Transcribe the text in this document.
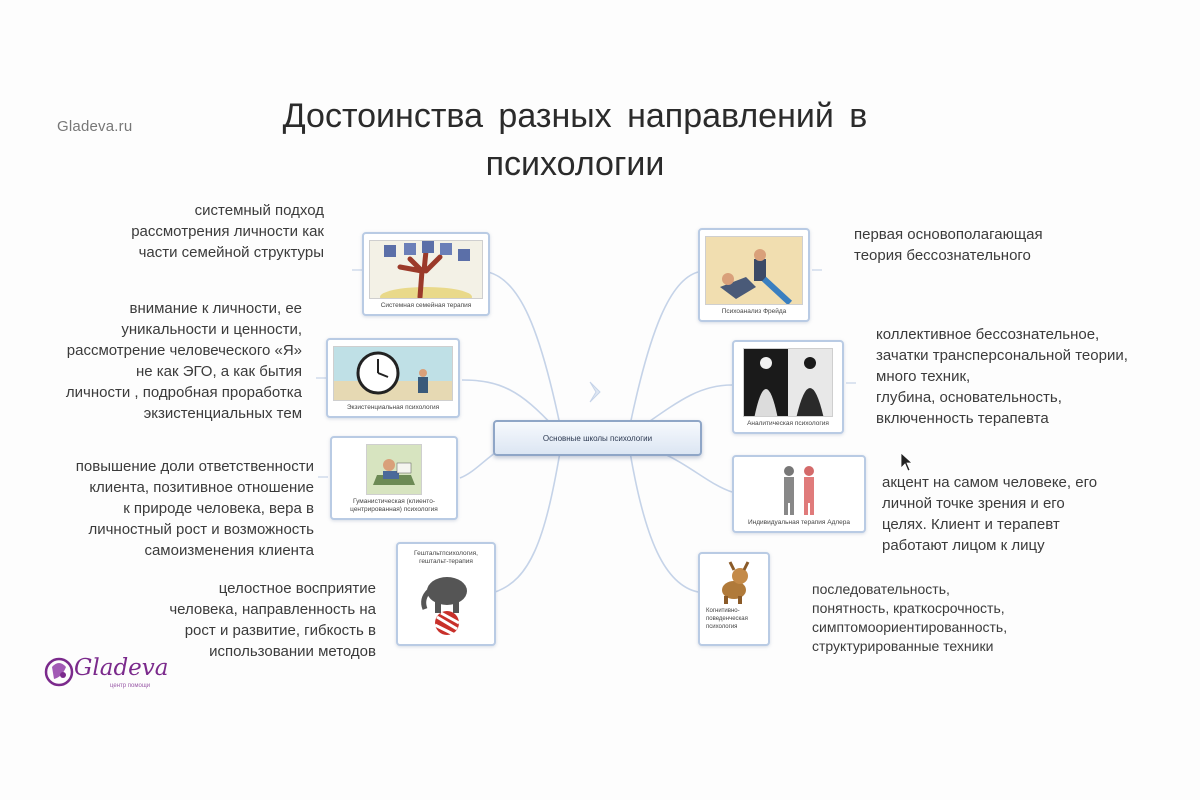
Gladeva.ru	Достоинства разных направлений в
психологии
Основные школы психологии
Системная семейная терапия
Экзистенциальная психология
Гуманистическая (клиенто-центрированная) психология
Гештальтпсихология, гештальт-терапия
Психоанализ Фрейда
Аналитическая психология
Индивидуальная терапия Адлера
Когнитивно-поведенческая психология
системный подход
рассмотрения личности как
части семейной структуры
внимание к личности, ее
уникальности и ценности,
рассмотрение человеческого «Я»
не как ЭГО, а как бытия
личности , подробная проработка
экзистенциальных тем
повышение доли ответственности
клиента, позитивное отношение
к природе человека, вера в
личностный рост и возможность
самоизменения клиента
целостное восприятие
человека, направленность на
рост и развитие, гибкость в
использовании методов
первая основополагающая
теория бессознательного
коллективное бессознательное,
зачатки трансперсональной теории,
много техник,
глубина, основательность,
включенность терапевта
акцент на самом человеке, его
личной точке зрения и его
целях. Клиент и терапевт
работают лицом к лицу
последовательность,
понятность, краткосрочность,
симптомоориентированность,
структурированные техники
Gladeva
центр помощи
